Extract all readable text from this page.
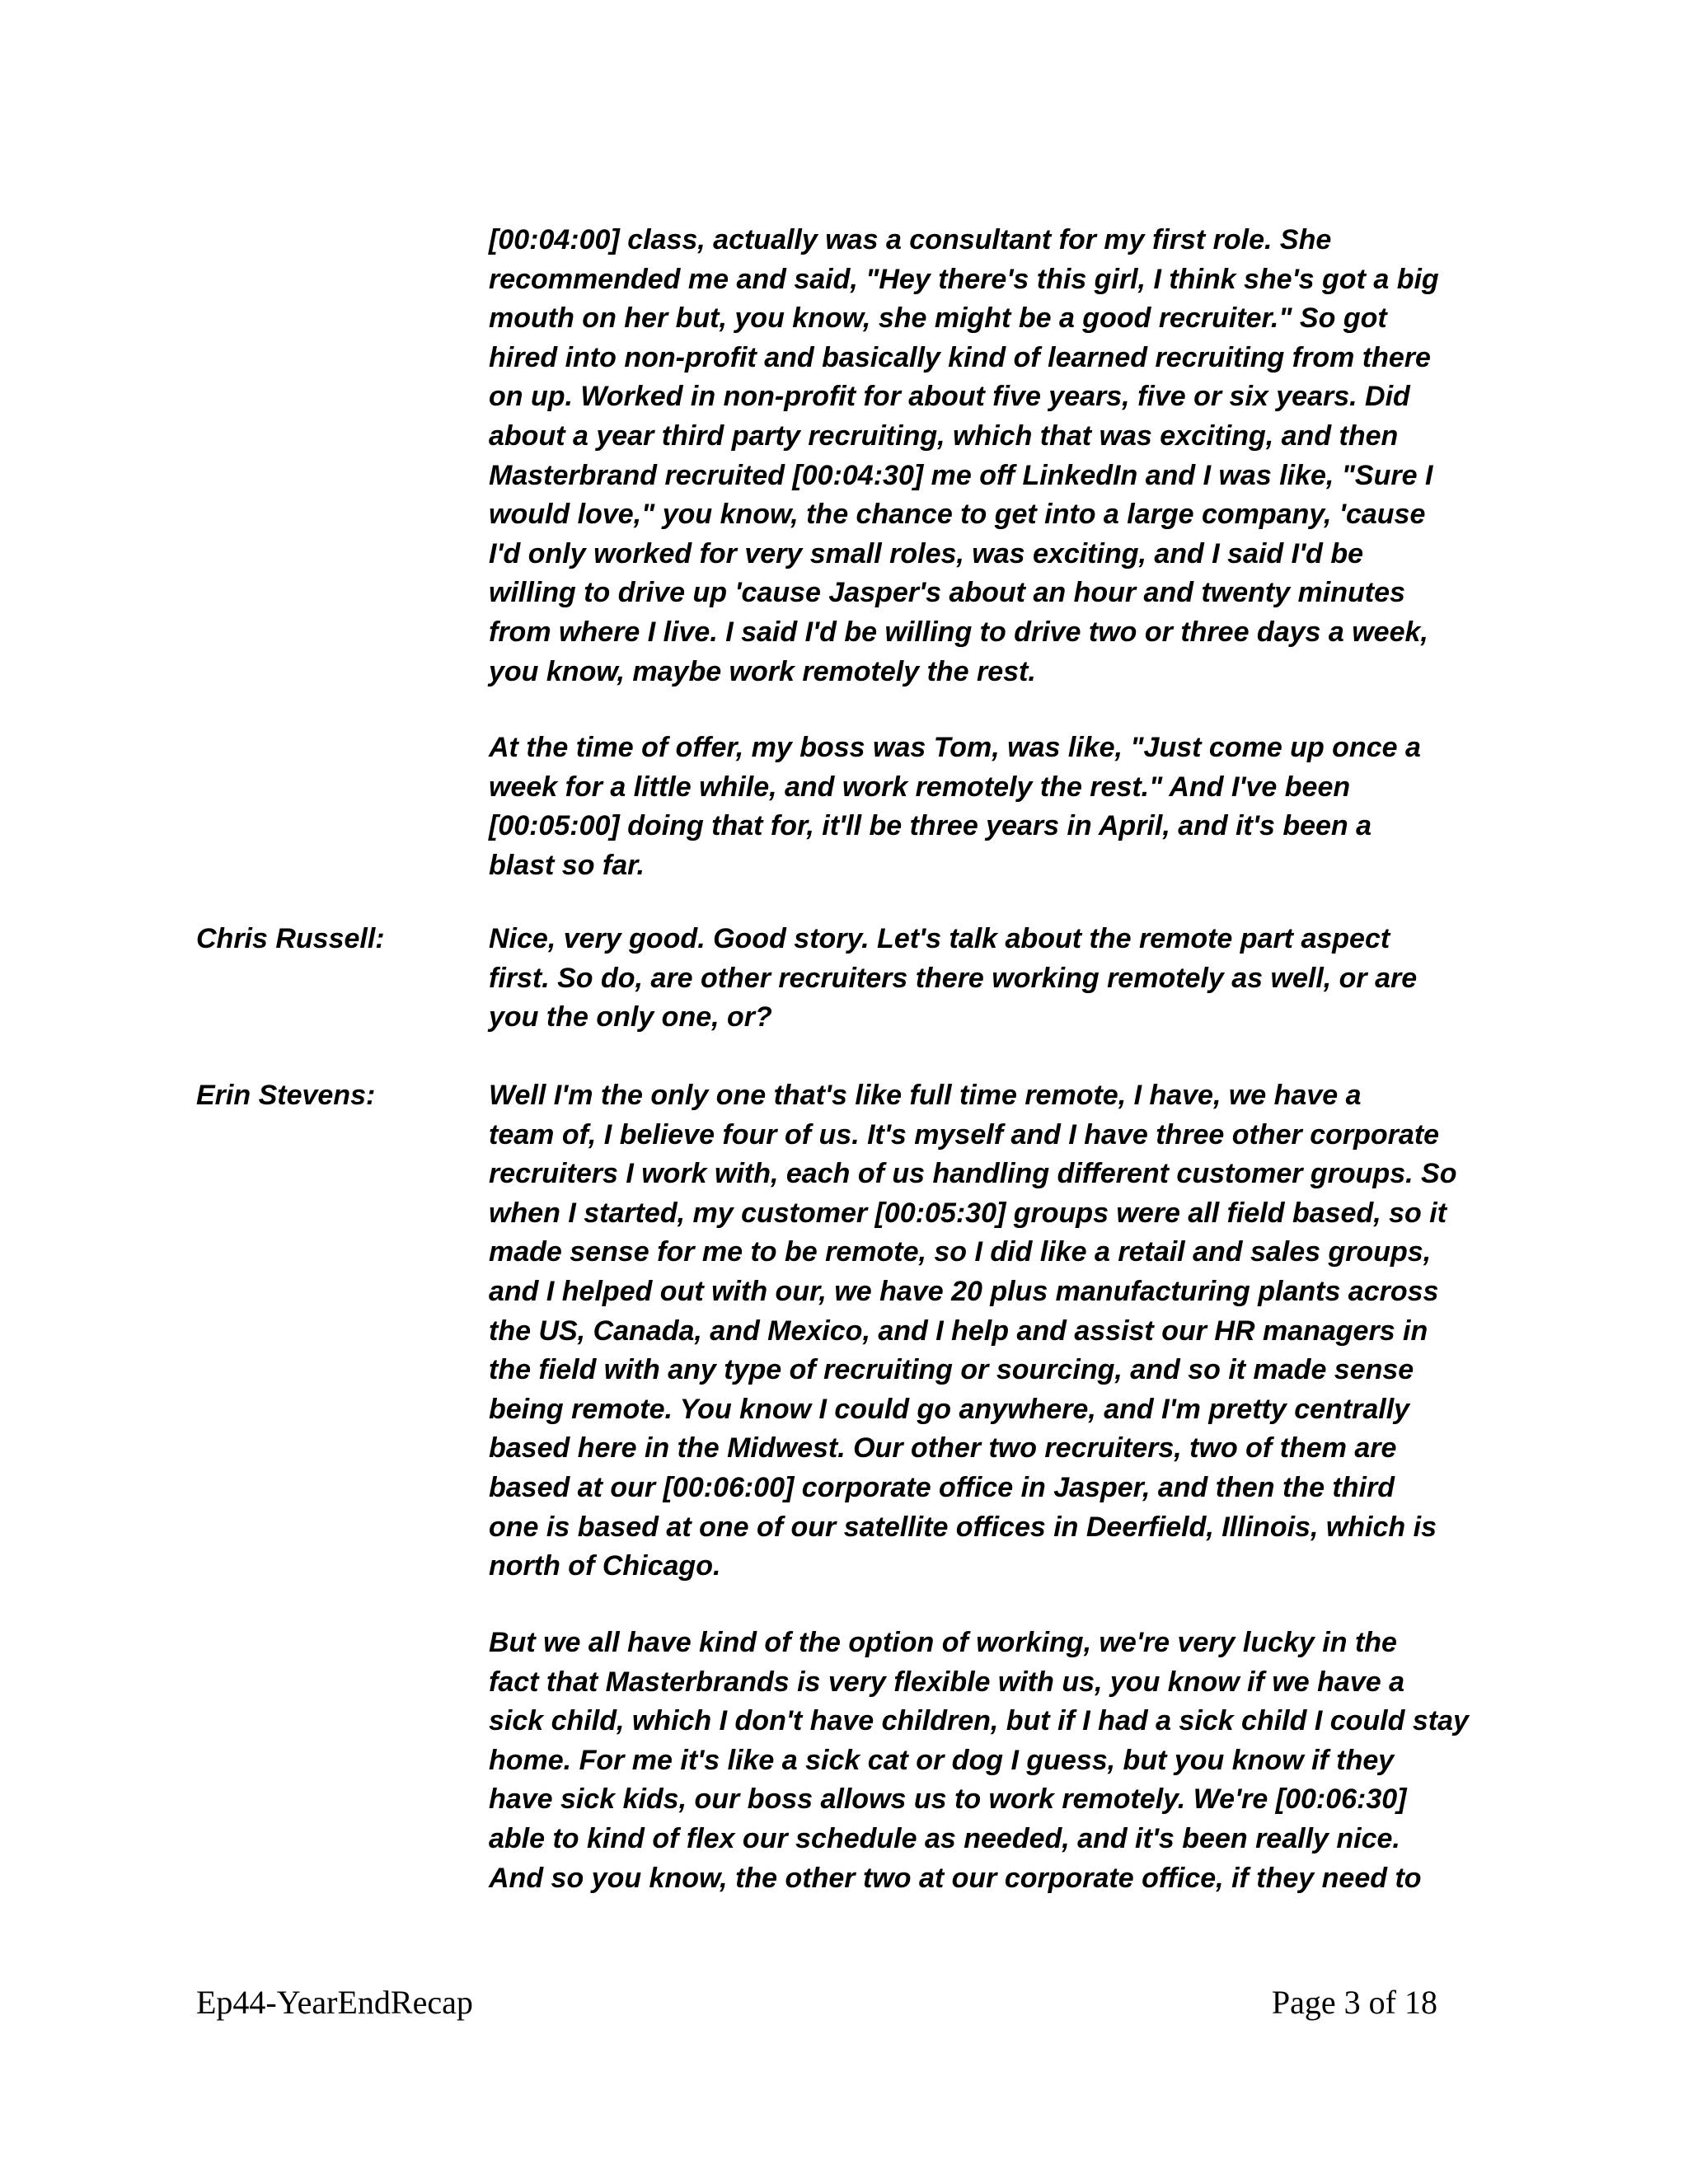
[00:04:00] class, actually was a consultant for my first role. She
recommended me and said, "Hey there's this girl, I think she's got a big
mouth on her but, you know, she might be a good recruiter." So got
hired into non-profit and basically kind of learned recruiting from there
on up. Worked in non-profit for about five years, five or six years. Did
about a year third party recruiting, which that was exciting, and then
Masterbrand recruited [00:04:30] me off LinkedIn and I was like, "Sure I
would love," you know, the chance to get into a large company, 'cause
I'd only worked for very small roles, was exciting, and I said I'd be
willing to drive up 'cause Jasper's about an hour and twenty minutes
from where I live. I said I'd be willing to drive two or three days a week,
you know, maybe work remotely the rest.
At the time of offer, my boss was Tom, was like, "Just come up once a
week for a little while, and work remotely the rest." And I've been
[00:05:00] doing that for, it'll be three years in April, and it's been a
blast so far.
Chris Russell:	Nice, very good. Good story. Let's talk about the remote part aspect
first. So do, are other recruiters there working remotely as well, or are
you the only one, or?
Erin Stevens:	Well I'm the only one that's like full time remote, I have, we have a
team of, I believe four of us. It's myself and I have three other corporate
recruiters I work with, each of us handling different customer groups. So
when I started, my customer [00:05:30] groups were all field based, so it
made sense for me to be remote, so I did like a retail and sales groups,
and I helped out with our, we have 20 plus manufacturing plants across
the US, Canada, and Mexico, and I help and assist our HR managers in
the field with any type of recruiting or sourcing, and so it made sense
being remote. You know I could go anywhere, and I'm pretty centrally
based here in the Midwest. Our other two recruiters, two of them are
based at our [00:06:00] corporate office in Jasper, and then the third
one is based at one of our satellite offices in Deerfield, Illinois, which is
north of Chicago.
But we all have kind of the option of working, we're very lucky in the
fact that Masterbrands is very flexible with us, you know if we have a
sick child, which I don't have children, but if I had a sick child I could stay
home. For me it's like a sick cat or dog I guess, but you know if they
have sick kids, our boss allows us to work remotely. We're [00:06:30]
able to kind of flex our schedule as needed, and it's been really nice.
And so you know, the other two at our corporate office, if they need to
Ep44-YearEndRecap	Page 3 of 18
